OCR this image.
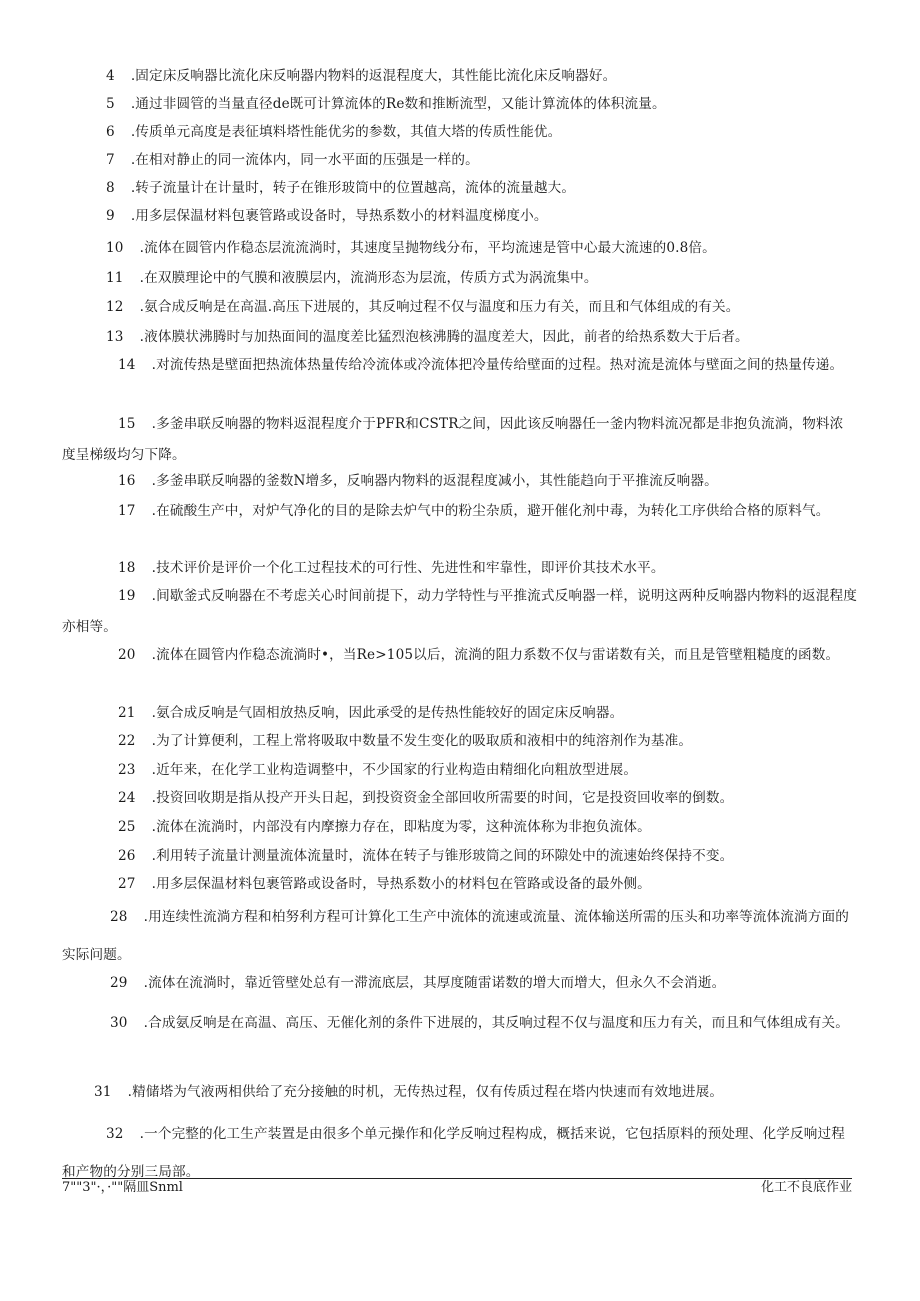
4 .固定床反响器比流化床反响器内物料的返混程度大，其性能比流化床反响器好。
5 .通过非圆管的当量直径de既可计算流体的Re数和推断流型，又能计算流体的体积流量。
6 .传质单元高度是表征填料塔性能优劣的参数，其值大塔的传质性能优。
7 .在相对静止的同一流体内，同一水平面的压强是一样的。
8 .转子流量计在计量时，转子在锥形玻筒中的位置越高，流体的流量越大。
9 .用多层保温材料包裹管路或设备时，导热系数小的材料温度梯度小。
10 .流体在圆管内作稳态层流流淌时，其速度呈抛物线分布，平均流速是管中心最大流速的0.8倍。
11 .在双膜理论中的气膜和液膜层内，流淌形态为层流，传质方式为涡流集中。
12 .氨合成反响是在高温.高压下进展的，其反响过程不仅与温度和压力有关，而且和气体组成的有关。
13 .液体膜状沸腾时与加热面间的温度差比猛烈泡核沸腾的温度差大，因此，前者的给热系数大于后者。
14 .对流传热是壁面把热流体热量传给冷流体或冷流体把冷量传给壁面的过程。热对流是流体与壁面之间的热量传递。
15 .多釜串联反响器的物料返混程度介于PFR和CSTR之间，因此该反响器任一釜内物料流况都是非抱负流淌，物料浓度呈梯级均匀下降。
16 .多釜串联反响器的釜数N增多，反响器内物料的返混程度减小，其性能趋向于平推流反响器。
17 .在硫酸生产中，对炉气净化的目的是除去炉气中的粉尘杂质，避开催化剂中毒，为转化工序供给合格的原料气。
18 .技术评价是评价一个化工过程技术的可行性、先进性和牢靠性，即评价其技术水平。
19 .间歇釜式反响器在不考虑关心时间前提下，动力学特性与平推流式反响器一样，说明这两种反响器内物料的返混程度亦相等。
20 .流体在圆管内作稳态流淌时•，当Re>105以后，流淌的阻力系数不仅与雷诺数有关，而且是管壁粗糙度的函数。
21 .氨合成反响是气固相放热反响，因此承受的是传热性能较好的固定床反响器。
22 .为了计算便利，工程上常将吸取中数量不发生变化的吸取质和液相中的纯溶剂作为基准。
23 .近年来，在化学工业构造调整中，不少国家的行业构造由精细化向粗放型进展。
24 .投资回收期是指从投产开头日起，到投资资金全部回收所需要的时间，它是投资回收率的倒数。
25 .流体在流淌时，内部没有内摩擦力存在，即粘度为零，这种流体称为非抱负流体。
26 .利用转子流量计测量流体流量时，流体在转子与锥形玻筒之间的环隙处中的流速始终保持不变。
27 .用多层保温材料包裹管路或设备时，导热系数小的材料包在管路或设备的最外侧。
28 .用连续性流淌方程和柏努利方程可计算化工生产中流体的流速或流量、流体输送所需的压头和功率等流体流淌方面的实际问题。
29 .流体在流淌时，靠近管壁处总有一滞流底层，其厚度随雷诺数的增大而增大，但永久不会消逝。
30 .合成氨反响是在高温、高压、无催化剂的条件下进展的，其反响过程不仅与温度和压力有关，而且和气体组成有关。
31 .精储塔为气液两相供给了充分接触的时机，无传热过程，仅有传质过程在塔内快速而有效地进展。
32 .一个完整的化工生产装置是由很多个单元操作和化学反响过程构成，概括来说，它包括原料的预处理、化学反响过程和产物的分别三局部。
7""3"·，·""隔皿Snml	化工不良底作业
